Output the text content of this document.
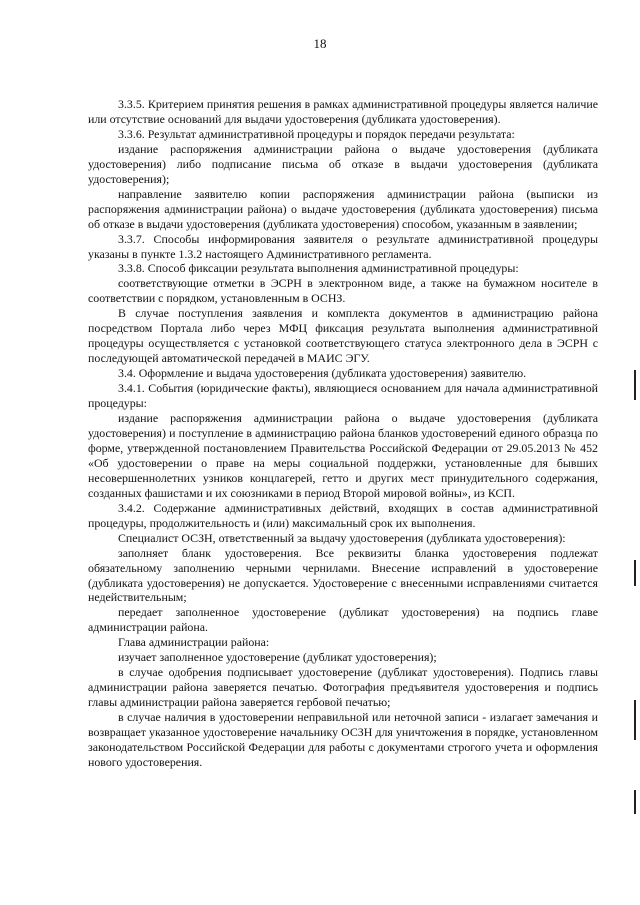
18

3.3.5. Критерием принятия решения в рамках административной процедуры является наличие или отсутствие оснований для выдачи удостоверения (дубликата удостоверения).

3.3.6. Результат административной процедуры и порядок передачи результата:

издание распоряжения администрации района о выдаче удостоверения (дубликата удостоверения) либо подписание письма об отказе в выдачи удостоверения (дубликата удостоверения);

направление заявителю копии распоряжения администрации района (выписки из распоряжения администрации района) о выдаче удостоверения (дубликата удостоверения) письма об отказе в выдачи удостоверения (дубликата удостоверения) способом, указанным в заявлении;

3.3.7. Способы информирования заявителя о результате административной процедуры указаны в пункте 1.3.2 настоящего Административного регламента.

3.3.8. Способ фиксации результата выполнения административной процедуры:

соответствующие отметки в ЭСРН в электронном виде, а также на бумажном носителе в соответствии с порядком, установленным в ОСНЗ.

В случае поступления заявления и комплекта документов в администрацию района посредством Портала либо через МФЦ фиксация результата выполнения административной процедуры осуществляется с установкой соответствующего статуса электронного дела в ЭСРН с последующей автоматической передачей в МАИС ЭГУ.

3.4. Оформление и выдача удостоверения (дубликата удостоверения) заявителю.

3.4.1. События (юридические факты), являющиеся основанием для начала административной процедуры:

издание распоряжения администрации района о выдаче удостоверения (дубликата удостоверения) и поступление в администрацию района бланков удостоверений единого образца по форме, утвержденной постановлением Правительства Российской Федерации от 29.05.2013 № 452 «Об удостоверении о праве на меры социальной поддержки, установленные для бывших несовершеннолетних узников концлагерей, гетто и других мест принудительного содержания, созданных фашистами и их союзниками в период Второй мировой войны», из КСП.

3.4.2. Содержание административных действий, входящих в состав административной процедуры, продолжительность и (или) максимальный срок их выполнения.

Специалист ОСЗН, ответственный за выдачу удостоверения (дубликата удостоверения):

заполняет бланк удостоверения. Все реквизиты бланка удостоверения подлежат обязательному заполнению черными чернилами. Внесение исправлений в удостоверение (дубликата удостоверения) не допускается. Удостоверение с внесенными исправлениями считается недействительным;

передает заполненное удостоверение (дубликат удостоверения) на подпись главе администрации района.

Глава администрации района:

изучает заполненное удостоверение (дубликат удостоверения);

в случае одобрения подписывает удостоверение (дубликат удостоверения). Подпись главы администрации района заверяется печатью. Фотография предъявителя удостоверения и подпись главы администрации района заверяется гербовой печатью;

в случае наличия в удостоверении неправильной или неточной записи - излагает замечания и возвращает указанное удостоверение начальнику ОСЗН для уничтожения в порядке, установленном законодательством Российской Федерации для работы с документами строгого учета и оформления нового удостоверения.
